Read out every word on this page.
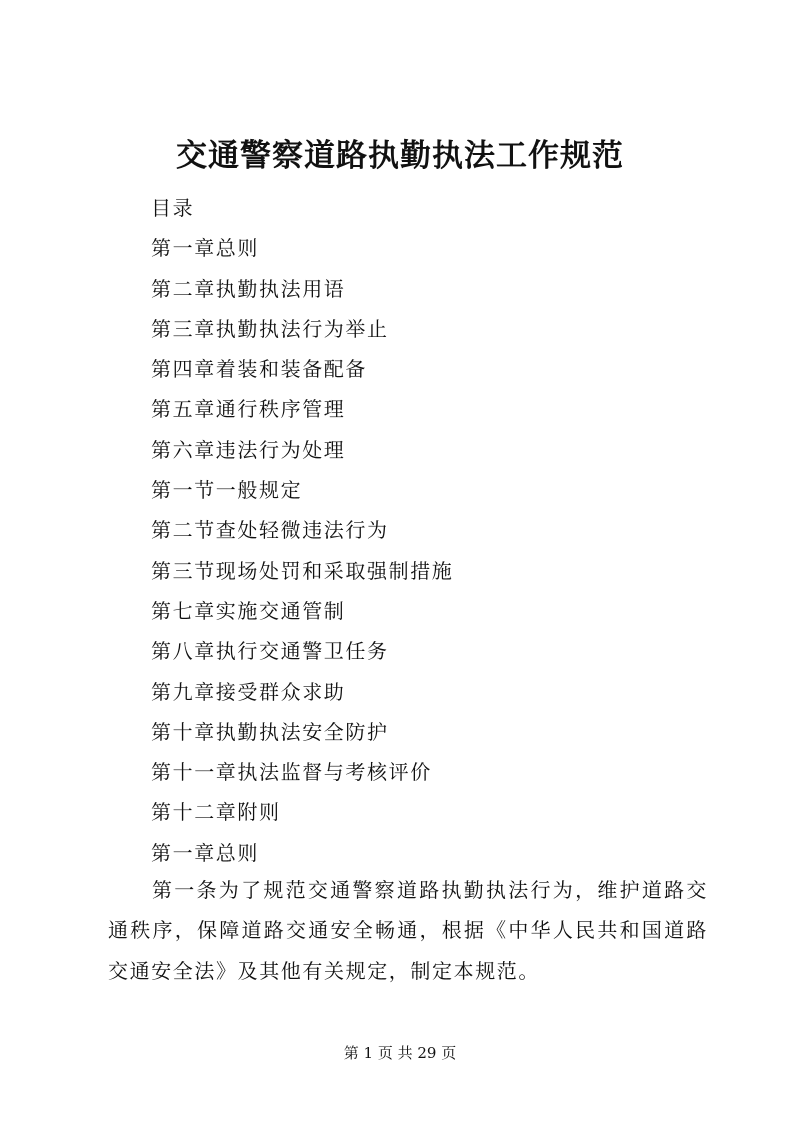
交通警察道路执勤执法工作规范
目录
第一章总则
第二章执勤执法用语
第三章执勤执法行为举止
第四章着装和装备配备
第五章通行秩序管理
第六章违法行为处理
第一节一般规定
第二节查处轻微违法行为
第三节现场处罚和采取强制措施
第七章实施交通管制
第八章执行交通警卫任务
第九章接受群众求助
第十章执勤执法安全防护
第十一章执法监督与考核评价
第十二章附则
第一章总则

第一条为了规范交通警察道路执勤执法行为，维护道路交通秩序，保障道路交通安全畅通，根据《中华人民共和国道路交通安全法》及其他有关规定，制定本规范。

第 1 页 共 29 页
